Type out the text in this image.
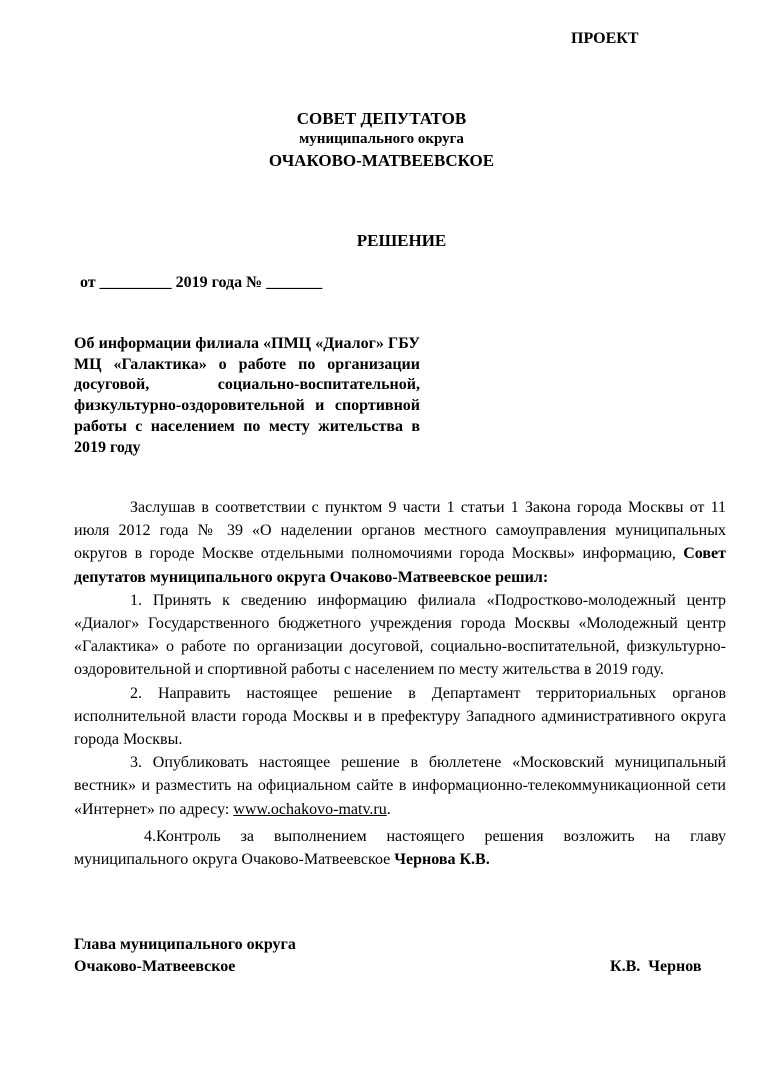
ПРОЕКТ
СОВЕТ ДЕПУТАТОВ
муниципального округа
ОЧАКОВО-МАТВЕЕВСКОЕ
РЕШЕНИЕ
от _________ 2019 года № _______
Об информации филиала «ПМЦ «Диалог» ГБУ МЦ «Галактика» о работе по организации досуговой, социально-воспитательной, физкультурно-оздоровительной и спортивной работы с населением по месту жительства в 2019 году

Заслушав в соответствии с пунктом 9 части 1 статьи 1 Закона города Москвы от 11 июля 2012 года № 39 «О наделении органов местного самоуправления муниципальных округов в городе Москве отдельными полномочиями города Москвы» информацию, Совет депутатов муниципального округа Очаково-Матвеевское решил:

1. Принять к сведению информацию филиала «Подростково-молодежный центр «Диалог» Государственного бюджетного учреждения города Москвы «Молодежный центр «Галактика» о работе по организации досуговой, социально-воспитательной, физкультурно-оздоровительной и спортивной работы с населением по месту жительства в 2019 году.

2. Направить настоящее решение в Департамент территориальных органов исполнительной власти города Москвы и в префектуру Западного административного округа города Москвы.

3. Опубликовать настоящее решение в бюллетене «Московский муниципальный вестник» и разместить на официальном сайте в информационно-телекоммуникационной сети «Интернет» по адресу: www.ochakovo-matv.ru.

4.Контроль за выполнением настоящего решения возложить на главу муниципального округа Очаково-Матвеевское Чернова К.В.

Глава муниципального округа
Очаково-Матвеевское	К.В.  Чернов
